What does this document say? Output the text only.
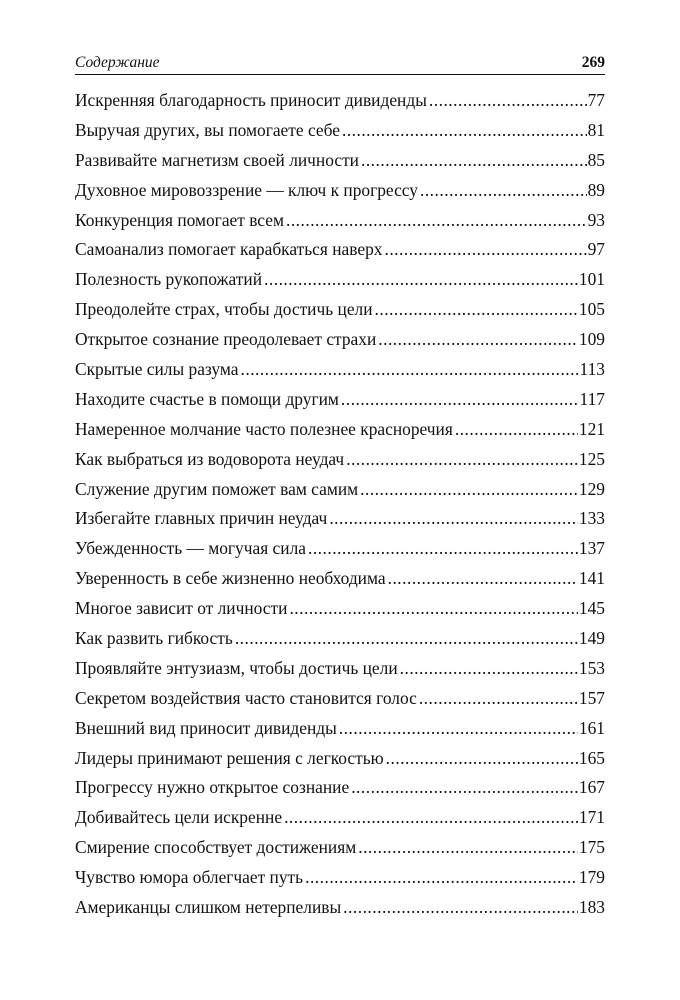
Содержание	269
Искренняя благодарность приносит дивиденды .....	77
Выручая других, вы помогаете себе .....	81
Развивайте магнетизм своей личности .....	85
Духовное мировоззрение — ключ к прогрессу .....	89
Конкуренция помогает всем .....	93
Самоанализ помогает карабкаться наверх .....	97
Полезность рукопожатий .....	101
Преодолейте страх, чтобы достичь цели .....	105
Открытое сознание преодолевает страхи .....	109
Скрытые силы разума .....	113
Находите счастье в помощи другим .....	117
Намеренное молчание часто полезнее красноречия .....	121
Как выбраться из водоворота неудач .....	125
Служение другим поможет вам самим .....	129
Избегайте главных причин неудач .....	133
Убежденность — могучая сила .....	137
Уверенность в себе жизненно необходима .....	141
Многое зависит от личности .....	145
Как развить гибкость .....	149
Проявляйте энтузиазм, чтобы достичь цели .....	153
Секретом воздействия часто становится голос .....	157
Внешний вид приносит дивиденды .....	161
Лидеры принимают решения с легкостью .....	165
Прогрессу нужно открытое сознание .....	167
Добивайтесь цели искренне .....	171
Смирение способствует достижениям .....	175
Чувство юмора облегчает путь .....	179
Американцы слишком нетерпеливы .....	183
